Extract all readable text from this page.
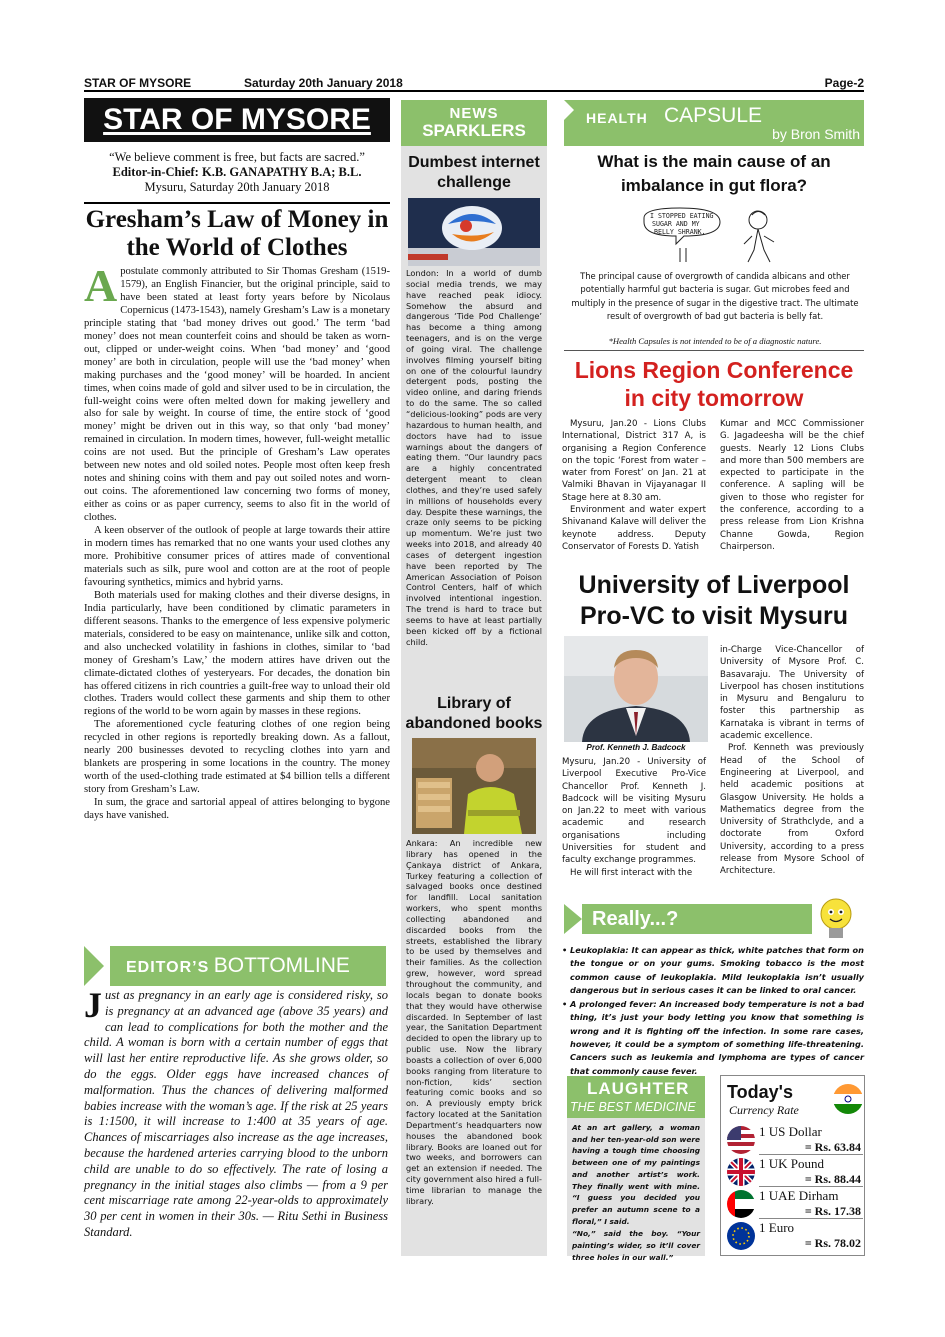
STAR OF MYSORE	Saturday 20th January 2018	Page-2
STAR OF MYSORE
“We believe comment is free, but facts are sacred.”
Editor-in-Chief: K.B. GANAPATHY B.A; B.L.
Mysuru, Saturday 20th January 2018
Gresham’s Law of Money in the World of Clothes

Apostulate commonly attributed to Sir Thomas Gresham (1519-1579), an English Financier, but the original principle, said to have been stated at least forty years before by Nicolaus Copernicus (1473-1543), namely Gresham’s Law is a monetary principle stating that ‘bad money drives out good.’ The term ‘bad money’ does not mean counterfeit coins and should be taken as worn-out, clipped or under-weight coins. When ‘bad money’ and ‘good money’ are both in circulation, people will use the ‘bad money’ when making purchases and the ‘good money’ will be hoarded. In ancient times, when coins made of gold and silver used to be in circulation, the full-weight coins were often melted down for making jewellery and also for sale by weight. In course of time, the entire stock of ‘good money’ might be driven out in this way, so that only ‘bad money’ remained in circulation. In modern times, however, full-weight metallic coins are not used. But the principle of Gresham’s Law operates between new notes and old soiled notes. People most often keep fresh notes and shining coins with them and pay out soiled notes and worn-out coins. The aforementioned law concerning two forms of money, either as coins or as paper currency, seems to also fit in the world of clothes.

A keen observer of the outlook of people at large towards their attire in modern times has remarked that no one wants your used clothes any more. Prohibitive consumer prices of attires made of conventional materials such as silk, pure wool and cotton are at the root of people favouring synthetics, mimics and hybrid yarns.

Both materials used for making clothes and their diverse designs, in India particularly, have been conditioned by climatic parameters in different seasons. Thanks to the emergence of less expensive polymeric materials, considered to be easy on maintenance, unlike silk and cotton, and also unchecked volatility in fashions in clothes, similar to ‘bad money of Gresham’s Law,’ the modern attires have driven out the climate-dictated clothes of yesteryears. For decades, the donation bin has offered citizens in rich countries a guilt-free way to unload their old clothes. Traders would collect these garments and ship them to other regions of the world to be worn again by masses in these regions.

The aforementioned cycle featuring clothes of one region being recycled in other regions is reportedly breaking down. As a fallout, nearly 200 businesses devoted to recycling clothes into yarn and blankets are prospering in some locations in the country. The money worth of the used-clothing trade estimated at $4 billion tells a different story from Gresham’s Law.

In sum, the grace and sartorial appeal of attires belonging to bygone days have vanished.

EDITOR’S BOTTOMLINE
Just as pregnancy in an early age is considered risky, so is pregnancy at an advanced age (above 35 years) and can lead to complications for both the mother and the child. A woman is born with a certain number of eggs that will last her entire reproductive life. As she grows older, so do the eggs. Older eggs have increased chances of malformation. Thus the chances of delivering malformed babies increase with the woman’s age. If the risk at 25 years is 1:1500, it will increase to 1:400 at 35 years of age. Chances of miscarriages also increase as the age increases, because the hardened arteries carrying blood to the unborn child are unable to do so effectively. The rate of losing a pregnancy in the initial stages also climbs — from a 9 per cent miscarriage rate among 22-year-olds to approximately 30 per cent in women in their 30s. — Ritu Sethi in Business Standard.
NEWS
SPARKLERS
Dumbest internet challenge
London: In a world of dumb social media trends, we may have reached peak idiocy. Somehow the absurd and dangerous ‘Tide Pod Challenge’ has become a thing among teenagers, and is on the verge of going viral. The challenge involves filming yourself biting on one of the colourful laundry detergent pods, posting the video online, and daring friends to do the same. The so called “delicious-looking” pods are very hazardous to human health, and doctors have had to issue warnings about the dangers of eating them. “Our laundry pacs are a highly concentrated detergent meant to clean clothes, and they’re used safely in millions of households every day. Despite these warnings, the craze only seems to be picking up momentum. We’re just two weeks into 2018, and already 40 cases of detergent ingestion have been reported by The American Association of Poison Control Centers, half of which involved intentional ingestion. The trend is hard to trace but seems to have at least partially been kicked off by a fictional child.
Library of abandoned books
Ankara: An incredible new library has opened in the Çankaya district of Ankara, Turkey featuring a collection of salvaged books once destined for landfill. Local sanitation workers, who spent months collecting abandoned and discarded books from the streets, established the library to be used by themselves and their families. As the collection grew, however, word spread throughout the community, and locals began to donate books that they would have otherwise discarded. In September of last year, the Sanitation Department decided to open the library up to public use. Now the library boasts a collection of over 6,000 books ranging from literature to non-fiction, kids’ section featuring comic books and so on. A previously empty brick factory located at the Sanitation Department’s headquarters now houses the abandoned book library. Books are loaned out for two weeks, and borrowers can get an extension if needed. The city government also hired a full-time librarian to manage the library.
HEALTH CAPSULE
by Bron Smith
What is the main cause of an imbalance in gut flora?
I STOPPED EATING
SUGAR AND MY
BELLY SHRANK.
The principal cause of overgrowth of candida albicans and other potentially harmful gut bacteria is sugar. Gut microbes feed and multiply in the presence of sugar in the digestive tract. The ultimate result of overgrowth of bad gut bacteria is belly fat.
*Health Capsules is not intended to be of a diagnostic nature.
Lions Region Conference in city tomorrow

Mysuru, Jan.20 - Lions Clubs International, District 317 A, is organising a Region Conference on the topic ‘Forest from water – water from Forest’ on Jan. 21 at Valmiki Bhavan in Vijayanagar II Stage here at 8.30 am.

Environment and water expert Shivanand Kalave will deliver the keynote address. Deputy Conservator of Forests D. Yatish

Kumar and MCC Commissioner G. Jagadeesha will be the chief guests. Nearly 12 Lions Clubs and more than 500 members are expected to participate in the conference. A sapling will be given to those who register for the conference, according to a press release from Lion Krishna Channe Gowda, Region Chairperson.

University of Liverpool Pro-VC to visit Mysuru
Prof. Kenneth J. Badcock

Mysuru, Jan.20 - University of Liverpool Executive Pro-Vice Chancellor Prof. Kenneth J. Badcock will be visiting Mysuru on Jan.22 to meet with various academic and research organisations including Universities for student and faculty exchange programmes.

He will first interact with the

in-Charge Vice-Chancellor of University of Mysore Prof. C. Basavaraju. The University of Liverpool has chosen institutions in Mysuru and Bengaluru to foster this partnership as Karnataka is vibrant in terms of academic excellence.

Prof. Kenneth was previously Head of the School of Engineering at Liverpool, and held academic positions at Glasgow University. He holds a Mathematics degree from the University of Strathclyde, and a doctorate from Oxford University, according to a press release from Mysore School of Architecture.

Really...?
• Leukoplakia: It can appear as thick, white patches that form on the tongue or on your gums. Smoking tobacco is the most common cause of leukoplakia. Mild leukoplakia isn’t usually dangerous but in serious cases it can be linked to oral cancer.
• A prolonged fever: An increased body temperature is not a bad thing, it’s just your body letting you know that something is wrong and it is fighting off the infection. In some rare cases, however, it could be a symptom of something life-threatening. Cancers such as leukemia and lymphoma are types of cancer that commonly cause fever.
LAUGHTER
THE BEST MEDICINE

At an art gallery, a woman and her ten-year-old son were having a tough time choosing between one of my paintings and another artist’s work. They finally went with mine. “I guess you decided you prefer an autumn scene to a floral,” I said.

“No,” said the boy. “Your painting’s wider, so it’ll cover three holes in our wall.”

Today's
Currency Rate
1 US Dollar
= Rs. 63.84
1 UK Pound
= Rs. 88.44
1 UAE Dirham
= Rs. 17.38
1 Euro
= Rs. 78.02
